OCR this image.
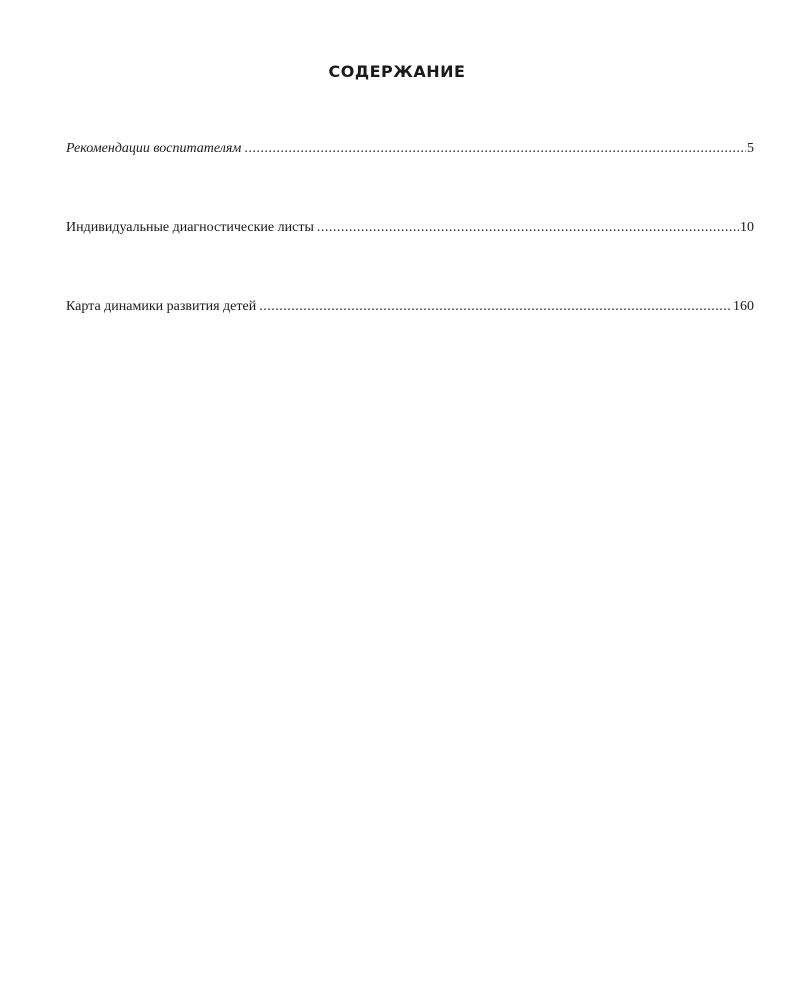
СОДЕРЖАНИЕ
Рекомендации воспитателям .....	5
Индивидуальные диагностические листы .....	10
Карта динамики развития детей .....	160
